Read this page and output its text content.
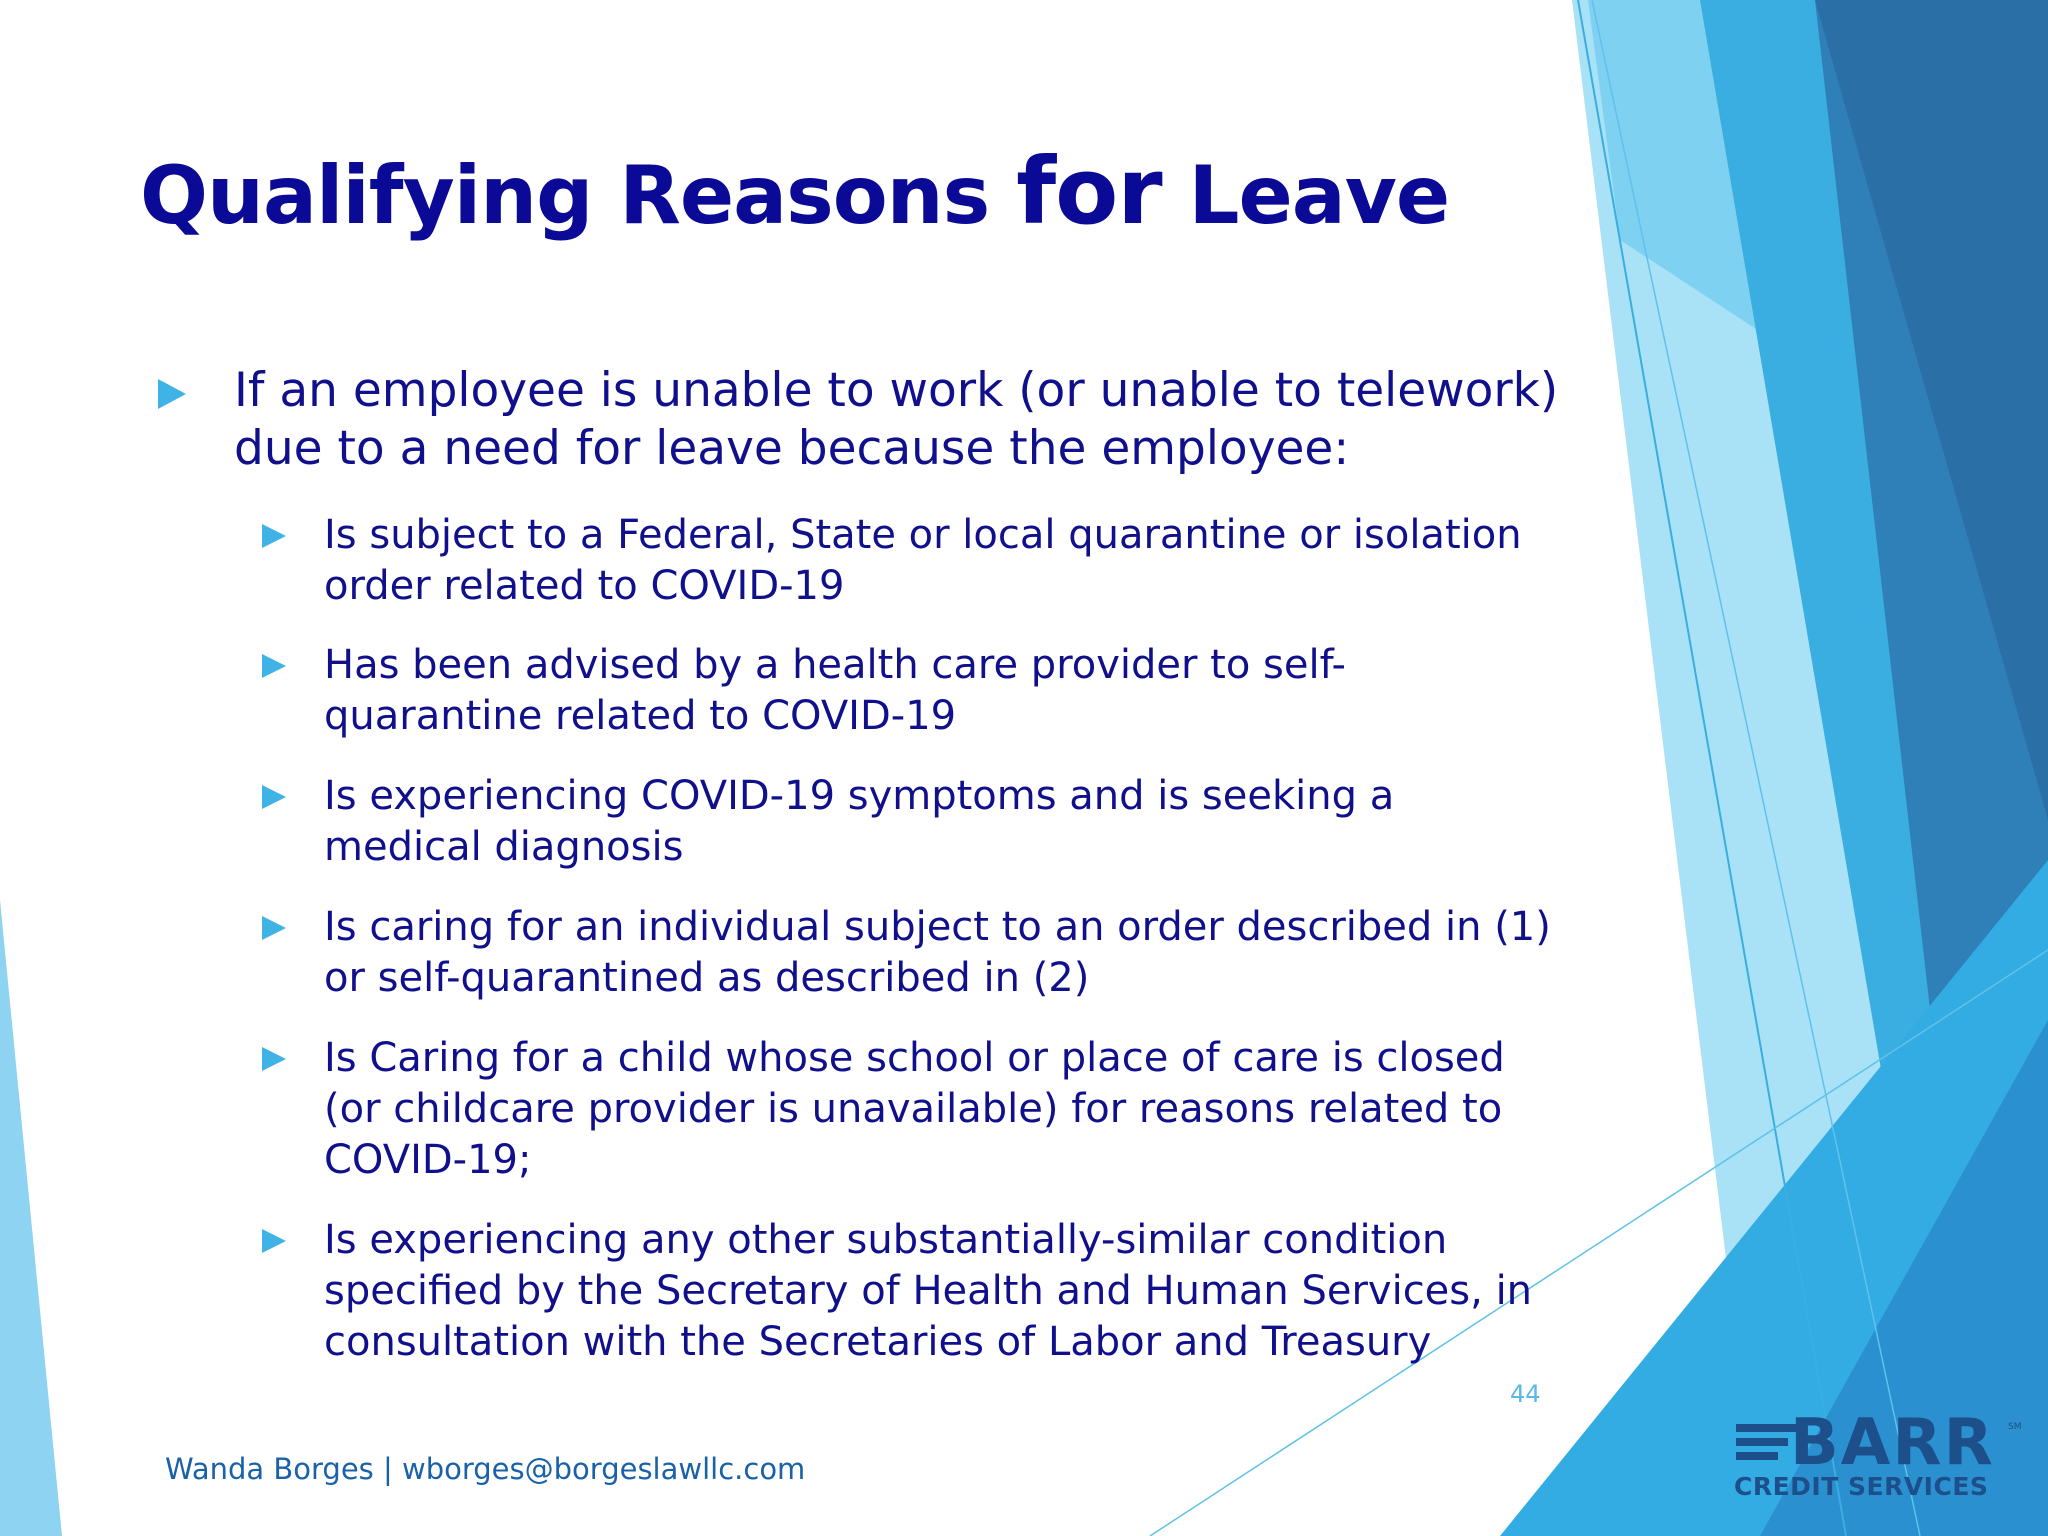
Qualifying Reasons for Leave
If an employee is unable to work (or unable to telework) due to a need for leave because the employee:
Is subject to a Federal, State or local quarantine or isolation order related to COVID-19
Has been advised by a health care provider to self-quarantine related to COVID-19
Is experiencing COVID-19 symptoms and is seeking a medical diagnosis
Is caring for an individual subject to an order described in (1) or self-quarantined as described in (2)
Is Caring for a child whose school or place of care is closed (or childcare provider is unavailable) for reasons related to COVID-19;
Is experiencing any other substantially-similar condition specified by the Secretary of Health and Human Services, in consultation with the Secretaries of Labor and Treasury
44
Wanda Borges | wborges@borgeslawllc.com	BARR SM
CREDIT SERVICES
